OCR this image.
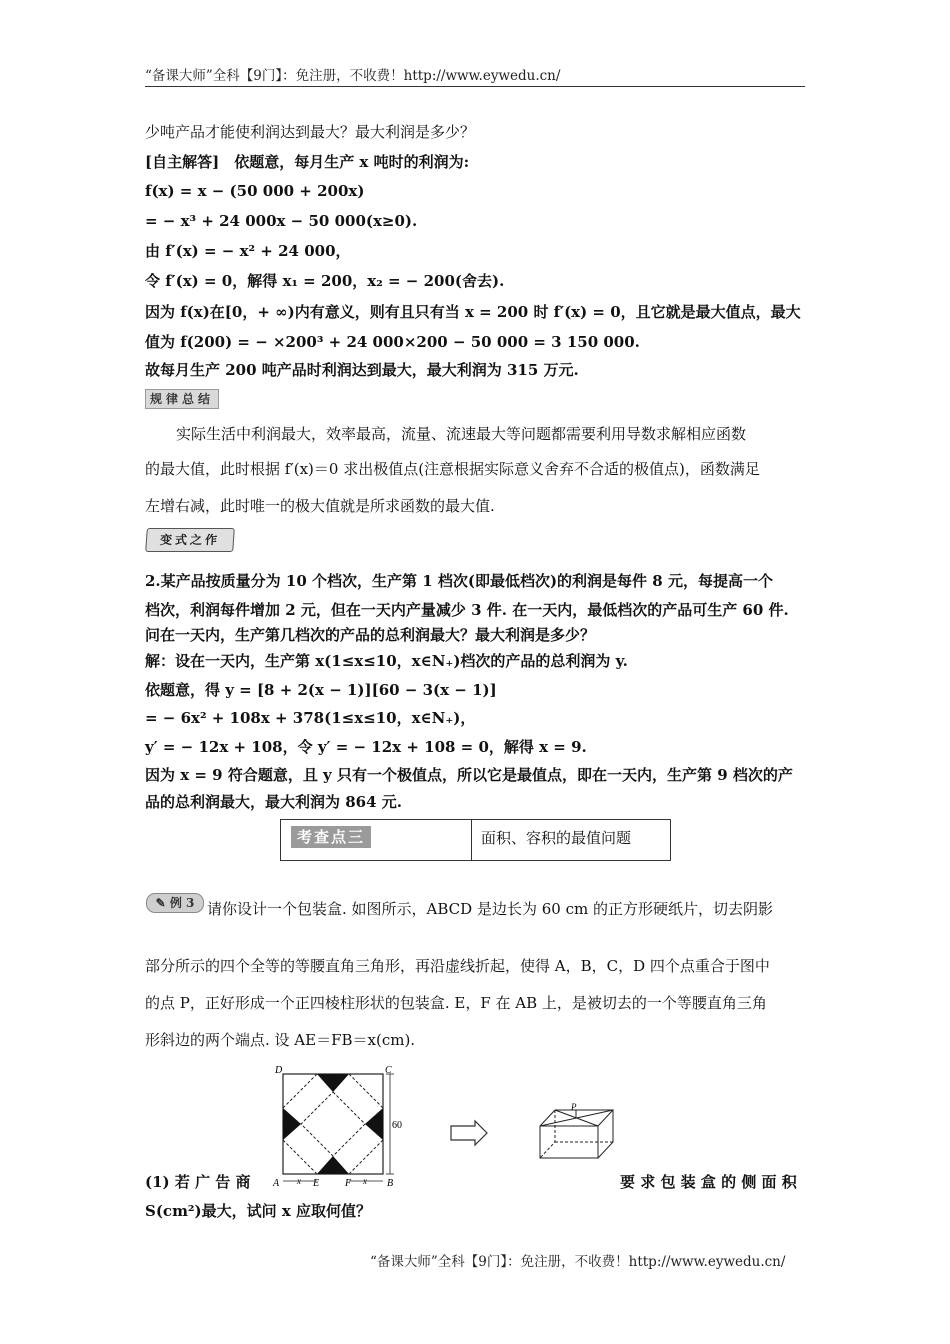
“备课大师”全科【9门】：免注册，不收费！http://www.eywedu.cn/
少吨产品才能使利润达到最大？最大利润是多少？
[自主解答]　依题意，每月生产 x 吨时的利润为:
f(x) = x − (50 000 + 200x)
= − x³ + 24 000x − 50 000(x≥0).
由 f′(x) = − x² + 24 000，
令 f′(x) = 0，解得 x₁ = 200，x₂ = − 200(舍去).
因为 f(x)在[0，+ ∞)内有意义，则有且只有当 x = 200 时 f′(x) = 0，且它就是最大值点，最大
值为 f(200) = − ×200³ + 24 000×200 − 50 000 = 3 150 000.
故每月生产 200 吨产品时利润达到最大，最大利润为 315 万元.
规律总结
实际生活中利润最大，效率最高，流量、流速最大等问题都需要利用导数求解相应函数
的最大值，此时根据 f′(x)＝0 求出极值点(注意根据实际意义舍弃不合适的极值点)，函数满足
左增右减，此时唯一的极大值就是所求函数的最大值.
变式之作
2.某产品按质量分为 10 个档次，生产第 1 档次(即最低档次)的利润是每件 8 元，每提高一个
档次，利润每件增加 2 元，但在一天内产量减少 3 件. 在一天内，最低档次的产品可生产 60 件.
问在一天内，生产第几档次的产品的总利润最大？最大利润是多少？
解：设在一天内，生产第 x(1≤x≤10，x∈N₊)档次的产品的总利润为 y.
依题意，得 y = [8 + 2(x − 1)][60 − 3(x − 1)]
= − 6x² + 108x + 378(1≤x≤10，x∈N₊)，
y′ = − 12x + 108，令 y′ = − 12x + 108 = 0，解得 x = 9.
因为 x = 9 符合题意，且 y 只有一个极值点，所以它是最值点，即在一天内，生产第 9 档次的产
品的总利润最大，最大利润为 864 元.
考查点三	面积、容积的最值问题
✎ 例 3 请你设计一个包装盒. 如图所示，ABCD 是边长为 60 cm 的正方形硬纸片，切去阴影
部分所示的四个全等的等腰直角三角形，再沿虚线折起，使得 A，B，C，D 四个点重合于图中
的点 P，正好形成一个正四棱柱形状的包装盒. E，F 在 AB 上，是被切去的一个等腰直角三角
形斜边的两个端点. 设 AE＝FB＝x(cm).
60
x	x
D	C
A	B
E	F
P
(1) 若 广 告 商	要 求 包 装 盒 的 侧 面 积
S(cm²)最大，试问 x 应取何值？
“备课大师”全科【9门】：免注册，不收费！http://www.eywedu.cn/
